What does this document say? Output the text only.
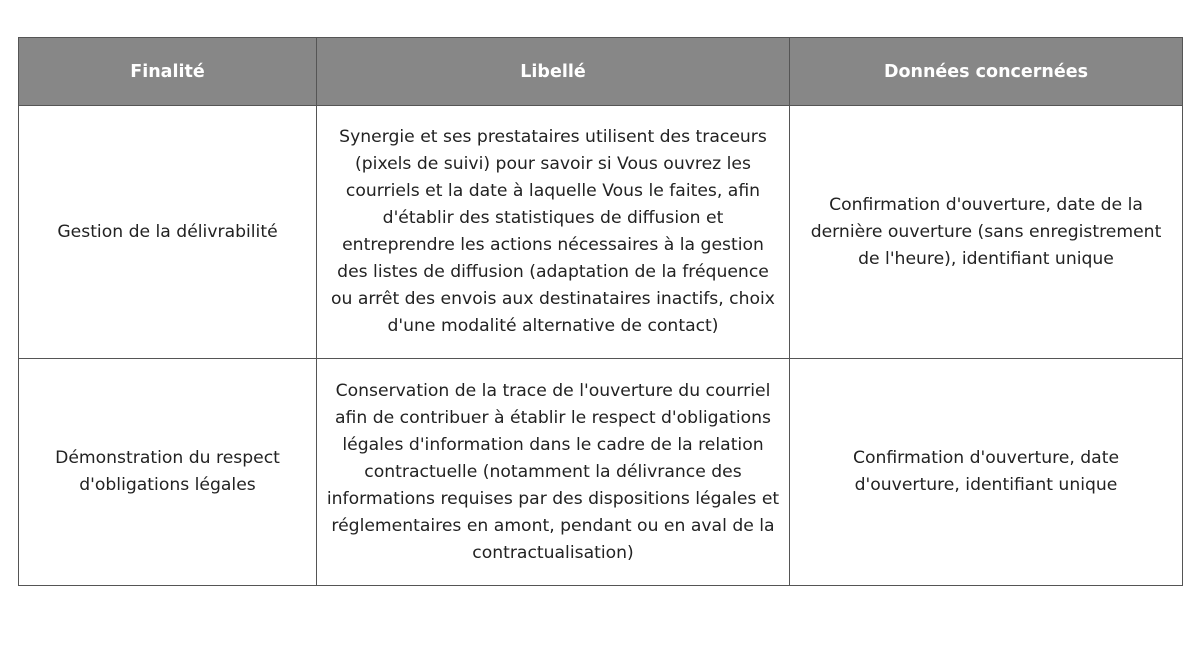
Finalité	Libellé	Données concernées
Gestion de la délivrabilité	Synergie et ses prestataires utilisent des traceurs (pixels de suivi) pour savoir si Vous ouvrez les courriels et la date à laquelle Vous le faites, afin d'établir des statistiques de diffusion et entreprendre les actions nécessaires à la gestion des listes de diffusion (adaptation de la fréquence ou arrêt des envois aux destinataires inactifs, choix d'une modalité alternative de contact)	Confirmation d'ouverture, date de la dernière ouverture (sans enregistrement de l'heure), identifiant unique
Démonstration du respect d'obligations légales	Conservation de la trace de l'ouverture du courriel afin de contribuer à établir le respect d'obligations légales d'information dans le cadre de la relation contractuelle (notamment la délivrance des informations requises par des dispositions légales et réglementaires en amont, pendant ou en aval de la contractualisation)	Confirmation d'ouverture, date d'ouverture, identifiant unique
